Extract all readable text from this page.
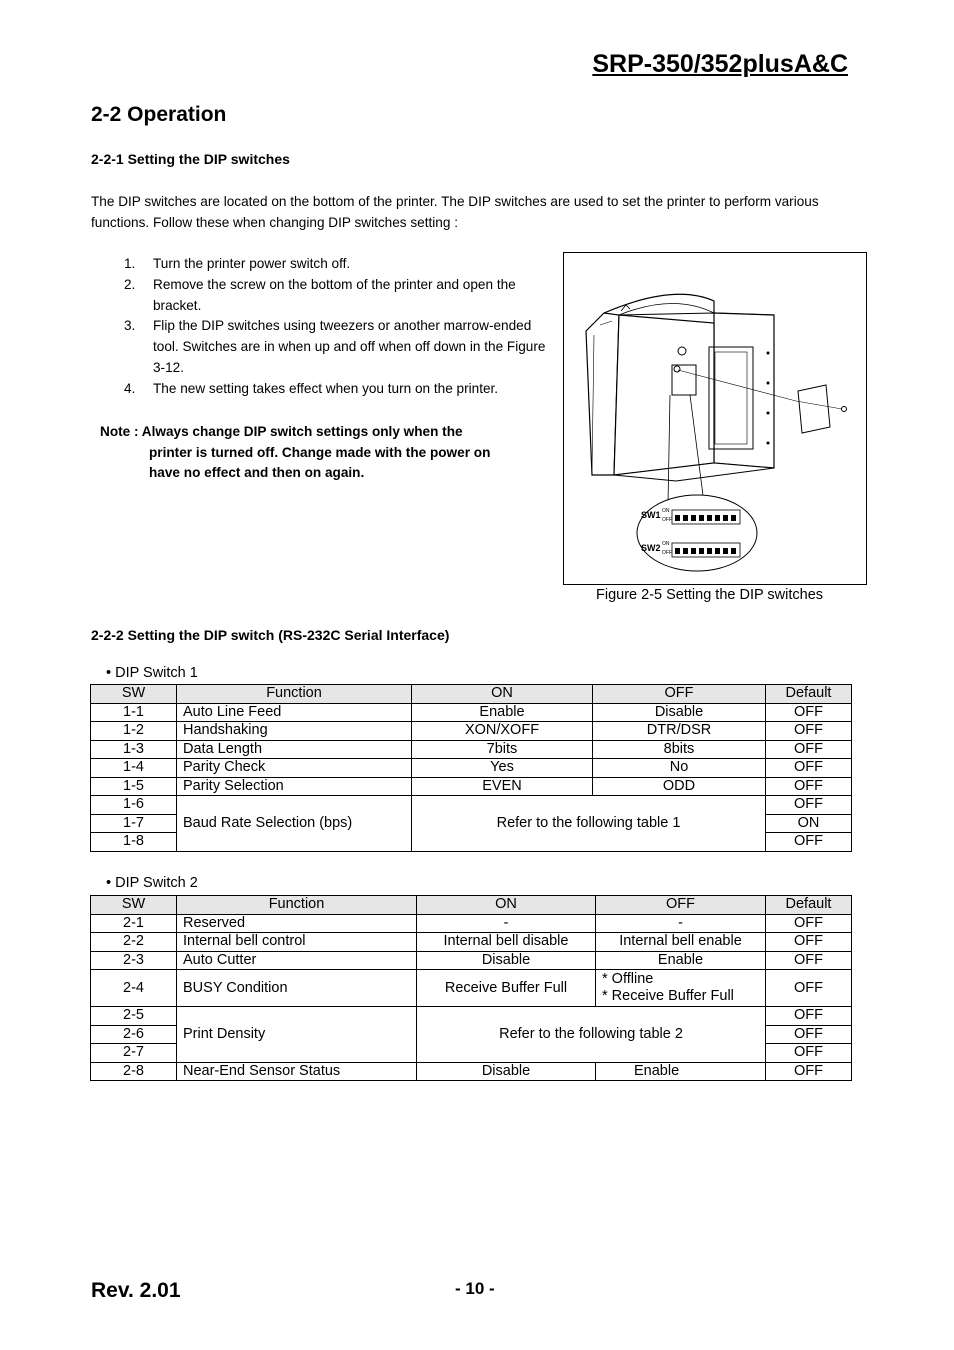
SRP-350/352plusA&C
2-2 Operation
2-2-1 Setting the DIP switches
The DIP switches are located on the bottom of the printer. The DIP switches are used to set the printer to perform various functions. Follow these when changing DIP switches setting :
1.	Turn the printer power switch off.
2.	Remove the screw on the bottom of the printer and open the bracket.
3.	Flip the DIP switches using tweezers or another marrow-ended tool. Switches are in when up and off when off down in the Figure 3-12.
4.	The new setting takes effect when you turn on the printer.
Note : Always change DIP switch settings only when the
printer is turned off. Change made with the power on
have no effect and then on again.
SW1 ON
OFF
SW2 ON
OFF
Figure 2-5 Setting the DIP switches
2-2-2 Setting the DIP switch (RS-232C Serial Interface)
• DIP Switch 1
SW	Function	ON	OFF	Default
1-1	Auto Line Feed	Enable	Disable	OFF
1-2	Handshaking	XON/XOFF	DTR/DSR	OFF
1-3	Data Length	7bits	8bits	OFF
1-4	Parity Check	Yes	No	OFF
1-5	Parity Selection	EVEN	ODD	OFF
1-6	Baud Rate Selection (bps)	Refer to the following table 1		OFF
1-7				ON
1-8				OFF
• DIP Switch 2
SW	Function	ON	OFF	Default
2-1	Reserved	-	-	OFF
2-2	Internal bell control	Internal bell disable	Internal bell enable	OFF
2-3	Auto Cutter	Disable	Enable	OFF
2-4	BUSY Condition	Receive Buffer Full	* Offline
* Receive Buffer Full	OFF
2-5	Print Density	Refer to the following table 2		OFF
2-6				OFF
2-7				OFF
2-8	Near-End Sensor Status	Disable	Enable	OFF
Rev. 2.01	- 10 -
